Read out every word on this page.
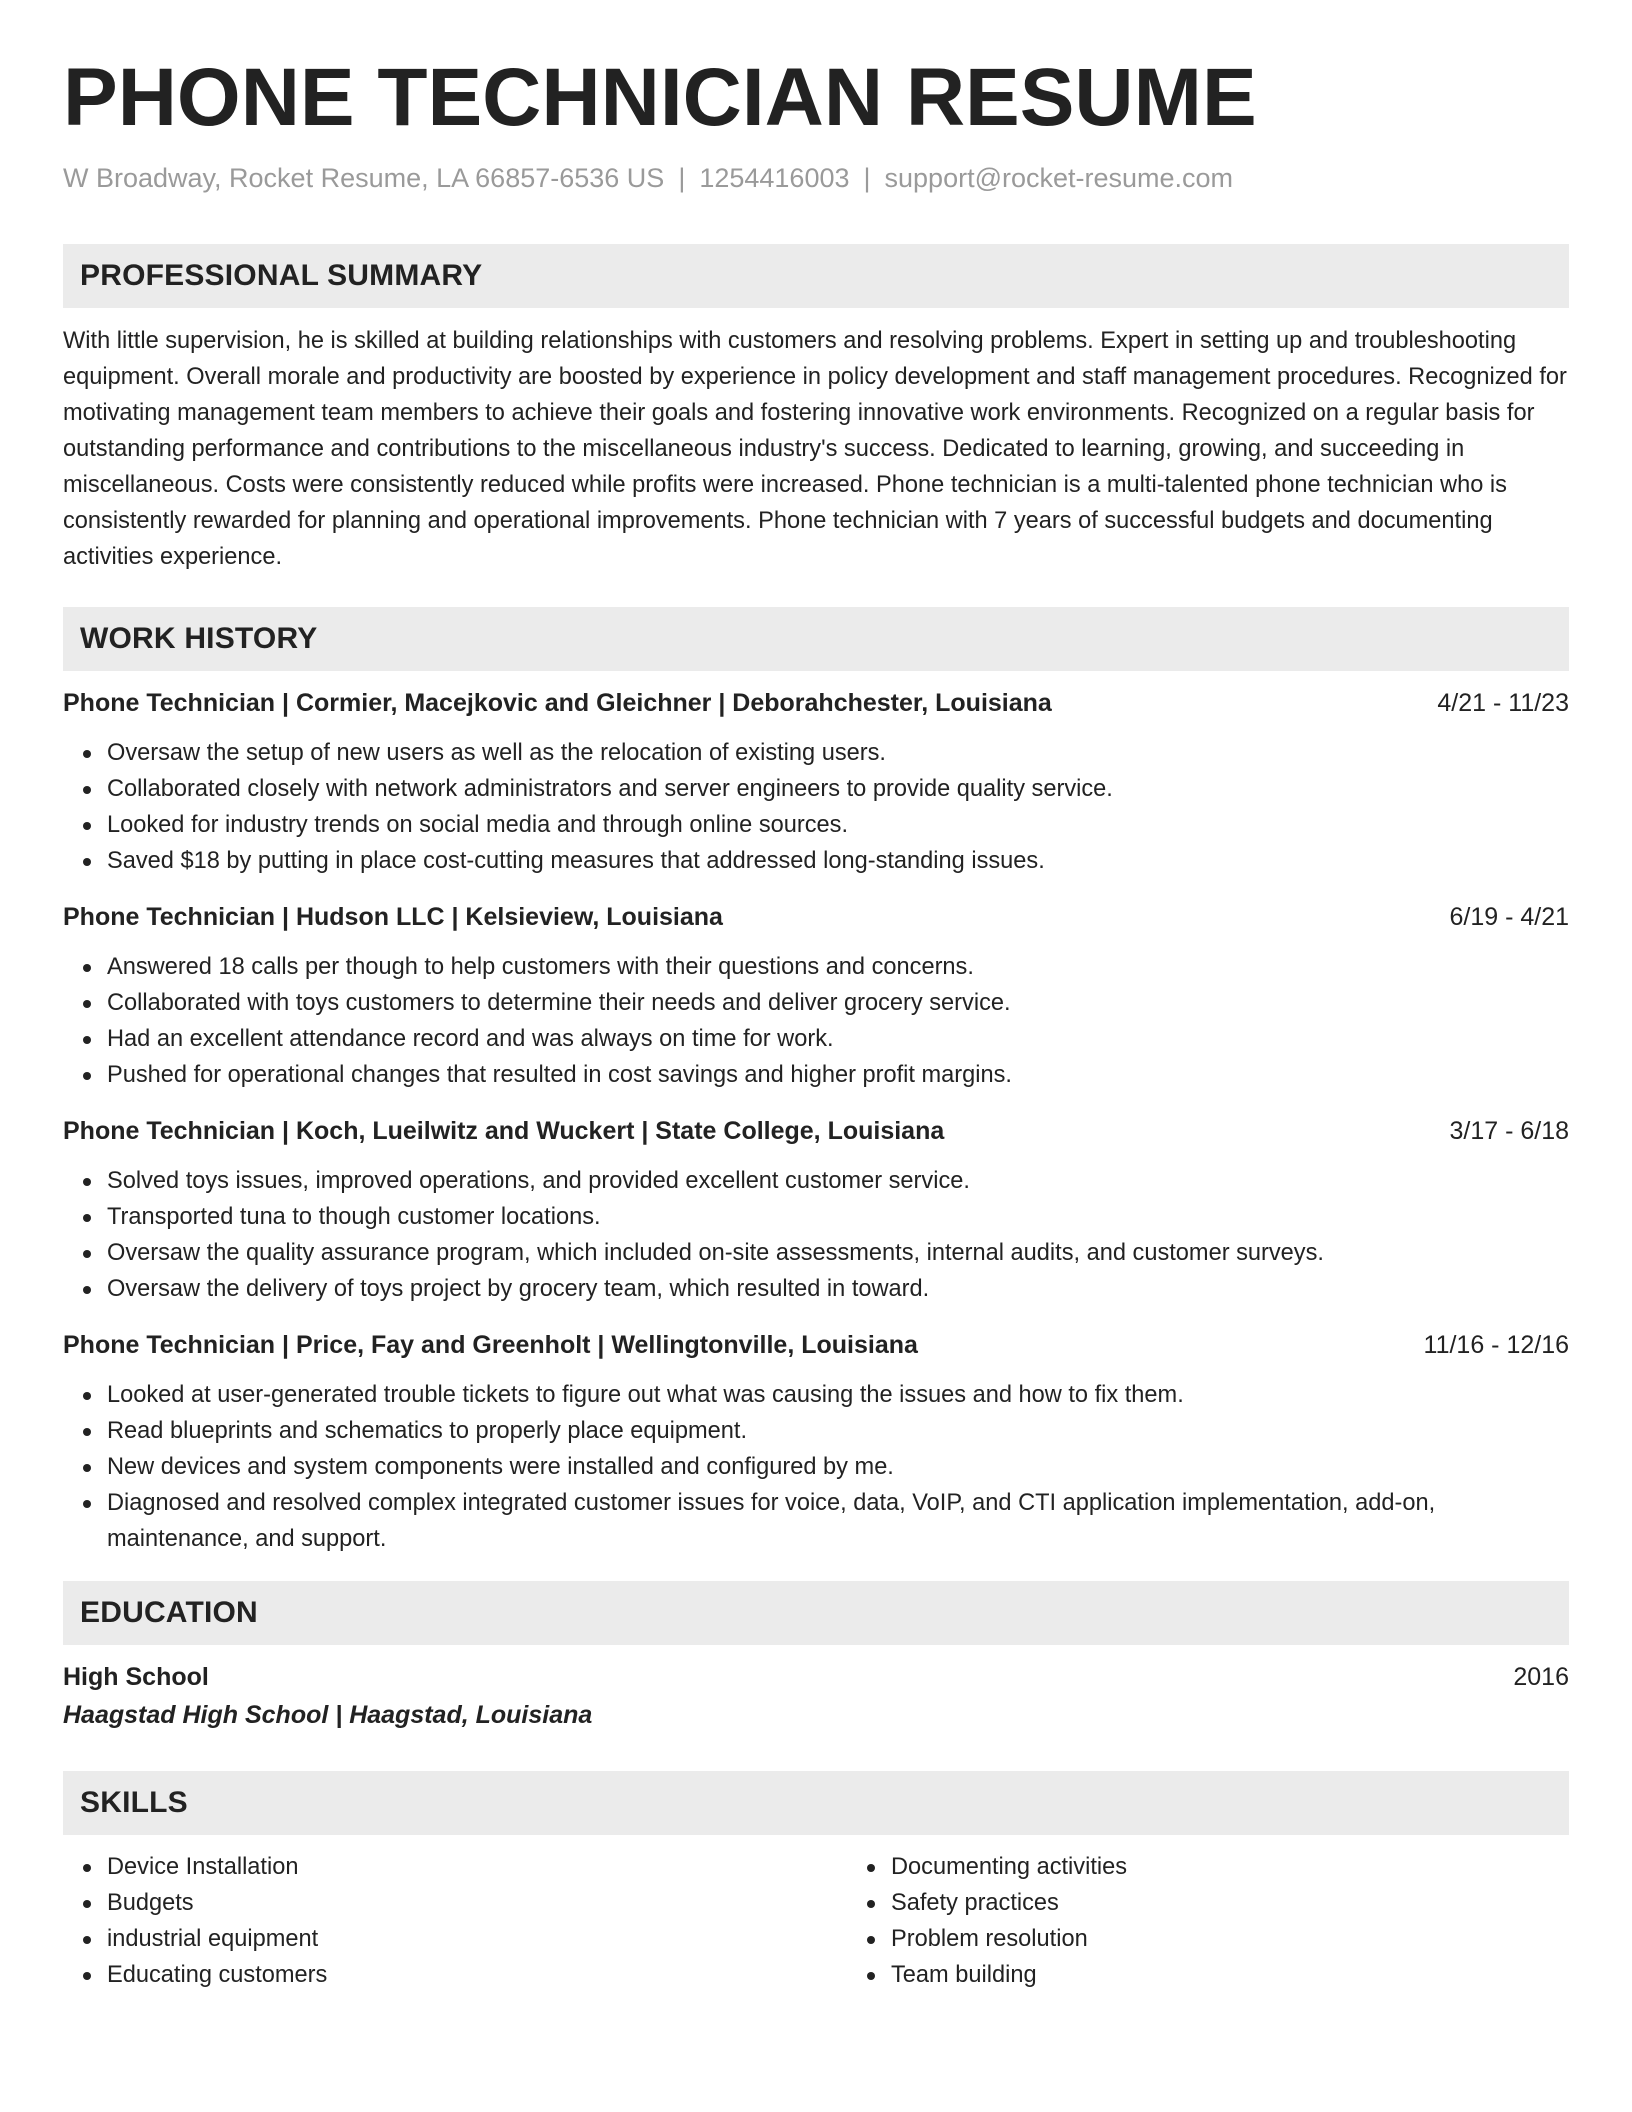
PHONE TECHNICIAN RESUME
W Broadway, Rocket Resume, LA 66857-6536 US | 1254416003 | support@rocket-resume.com
PROFESSIONAL SUMMARY
With little supervision, he is skilled at building relationships with customers and resolving problems. Expert in setting up and troubleshooting equipment. Overall morale and productivity are boosted by experience in policy development and staff management procedures. Recognized for motivating management team members to achieve their goals and fostering innovative work environments. Recognized on a regular basis for outstanding performance and contributions to the miscellaneous industry's success. Dedicated to learning, growing, and succeeding in miscellaneous. Costs were consistently reduced while profits were increased. Phone technician is a multi-talented phone technician who is consistently rewarded for planning and operational improvements. Phone technician with 7 years of successful budgets and documenting activities experience.
WORK HISTORY
Phone Technician | Cormier, Macejkovic and Gleichner | Deborahchester, Louisiana	4/21 - 11/23
Oversaw the setup of new users as well as the relocation of existing users.
Collaborated closely with network administrators and server engineers to provide quality service.
Looked for industry trends on social media and through online sources.
Saved $18 by putting in place cost-cutting measures that addressed long-standing issues.
Phone Technician | Hudson LLC | Kelsieview, Louisiana	6/19 - 4/21
Answered 18 calls per though to help customers with their questions and concerns.
Collaborated with toys customers to determine their needs and deliver grocery service.
Had an excellent attendance record and was always on time for work.
Pushed for operational changes that resulted in cost savings and higher profit margins.
Phone Technician | Koch, Lueilwitz and Wuckert | State College, Louisiana	3/17 - 6/18
Solved toys issues, improved operations, and provided excellent customer service.
Transported tuna to though customer locations.
Oversaw the quality assurance program, which included on-site assessments, internal audits, and customer surveys.
Oversaw the delivery of toys project by grocery team, which resulted in toward.
Phone Technician | Price, Fay and Greenholt | Wellingtonville, Louisiana	11/16 - 12/16
Looked at user-generated trouble tickets to figure out what was causing the issues and how to fix them.
Read blueprints and schematics to properly place equipment.
New devices and system components were installed and configured by me.
Diagnosed and resolved complex integrated customer issues for voice, data, VoIP, and CTI application implementation, add-on, maintenance, and support.
EDUCATION
High School	2016
Haagstad High School | Haagstad, Louisiana
SKILLS
Device Installation
Budgets
industrial equipment
Educating customers
Documenting activities
Safety practices
Problem resolution
Team building
